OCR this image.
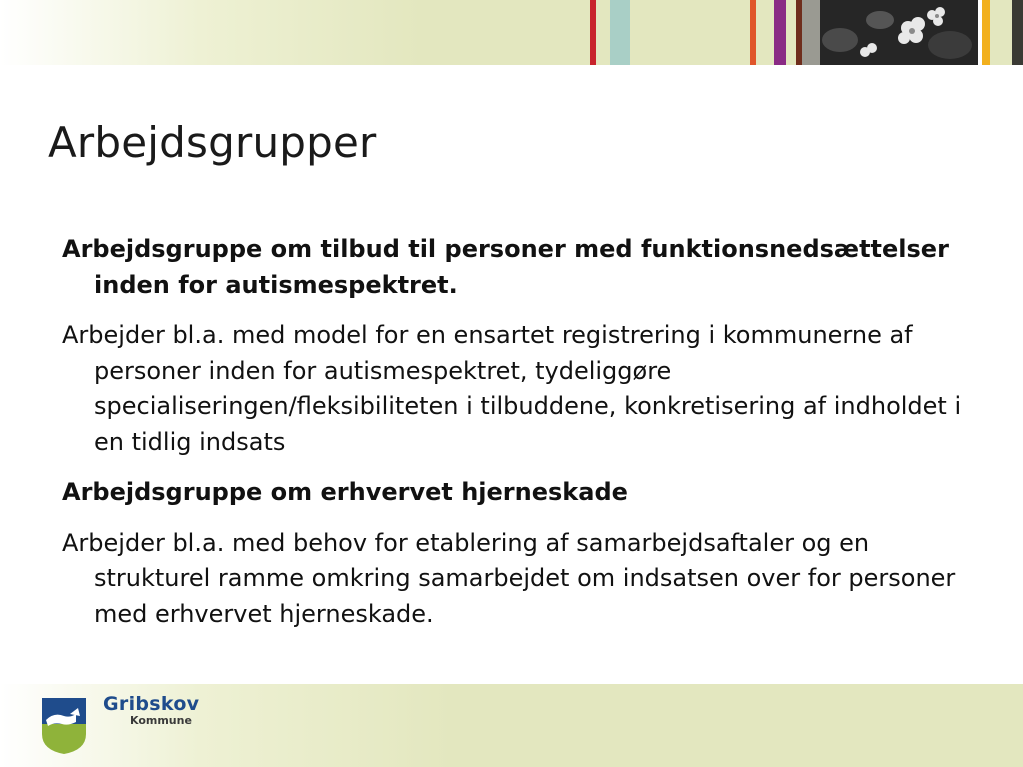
Arbejdsgrupper

Arbejdsgruppe om tilbud til personer med funktionsnedsættelser inden for autismespektret.

Arbejder bl.a. med model for en ensartet registrering i kommunerne af personer inden for autismespektret, tydeliggøre specialiseringen/fleksibiliteten i tilbuddene, konkretisering af indholdet i en tidlig indsats

Arbejdsgruppe om erhvervet hjerneskade

Arbejder bl.a. med behov for etablering af samarbejdsaftaler og en strukturel ramme omkring samarbejdet om indsatsen over for personer med erhvervet hjerneskade.

Gribskov
Kommune
